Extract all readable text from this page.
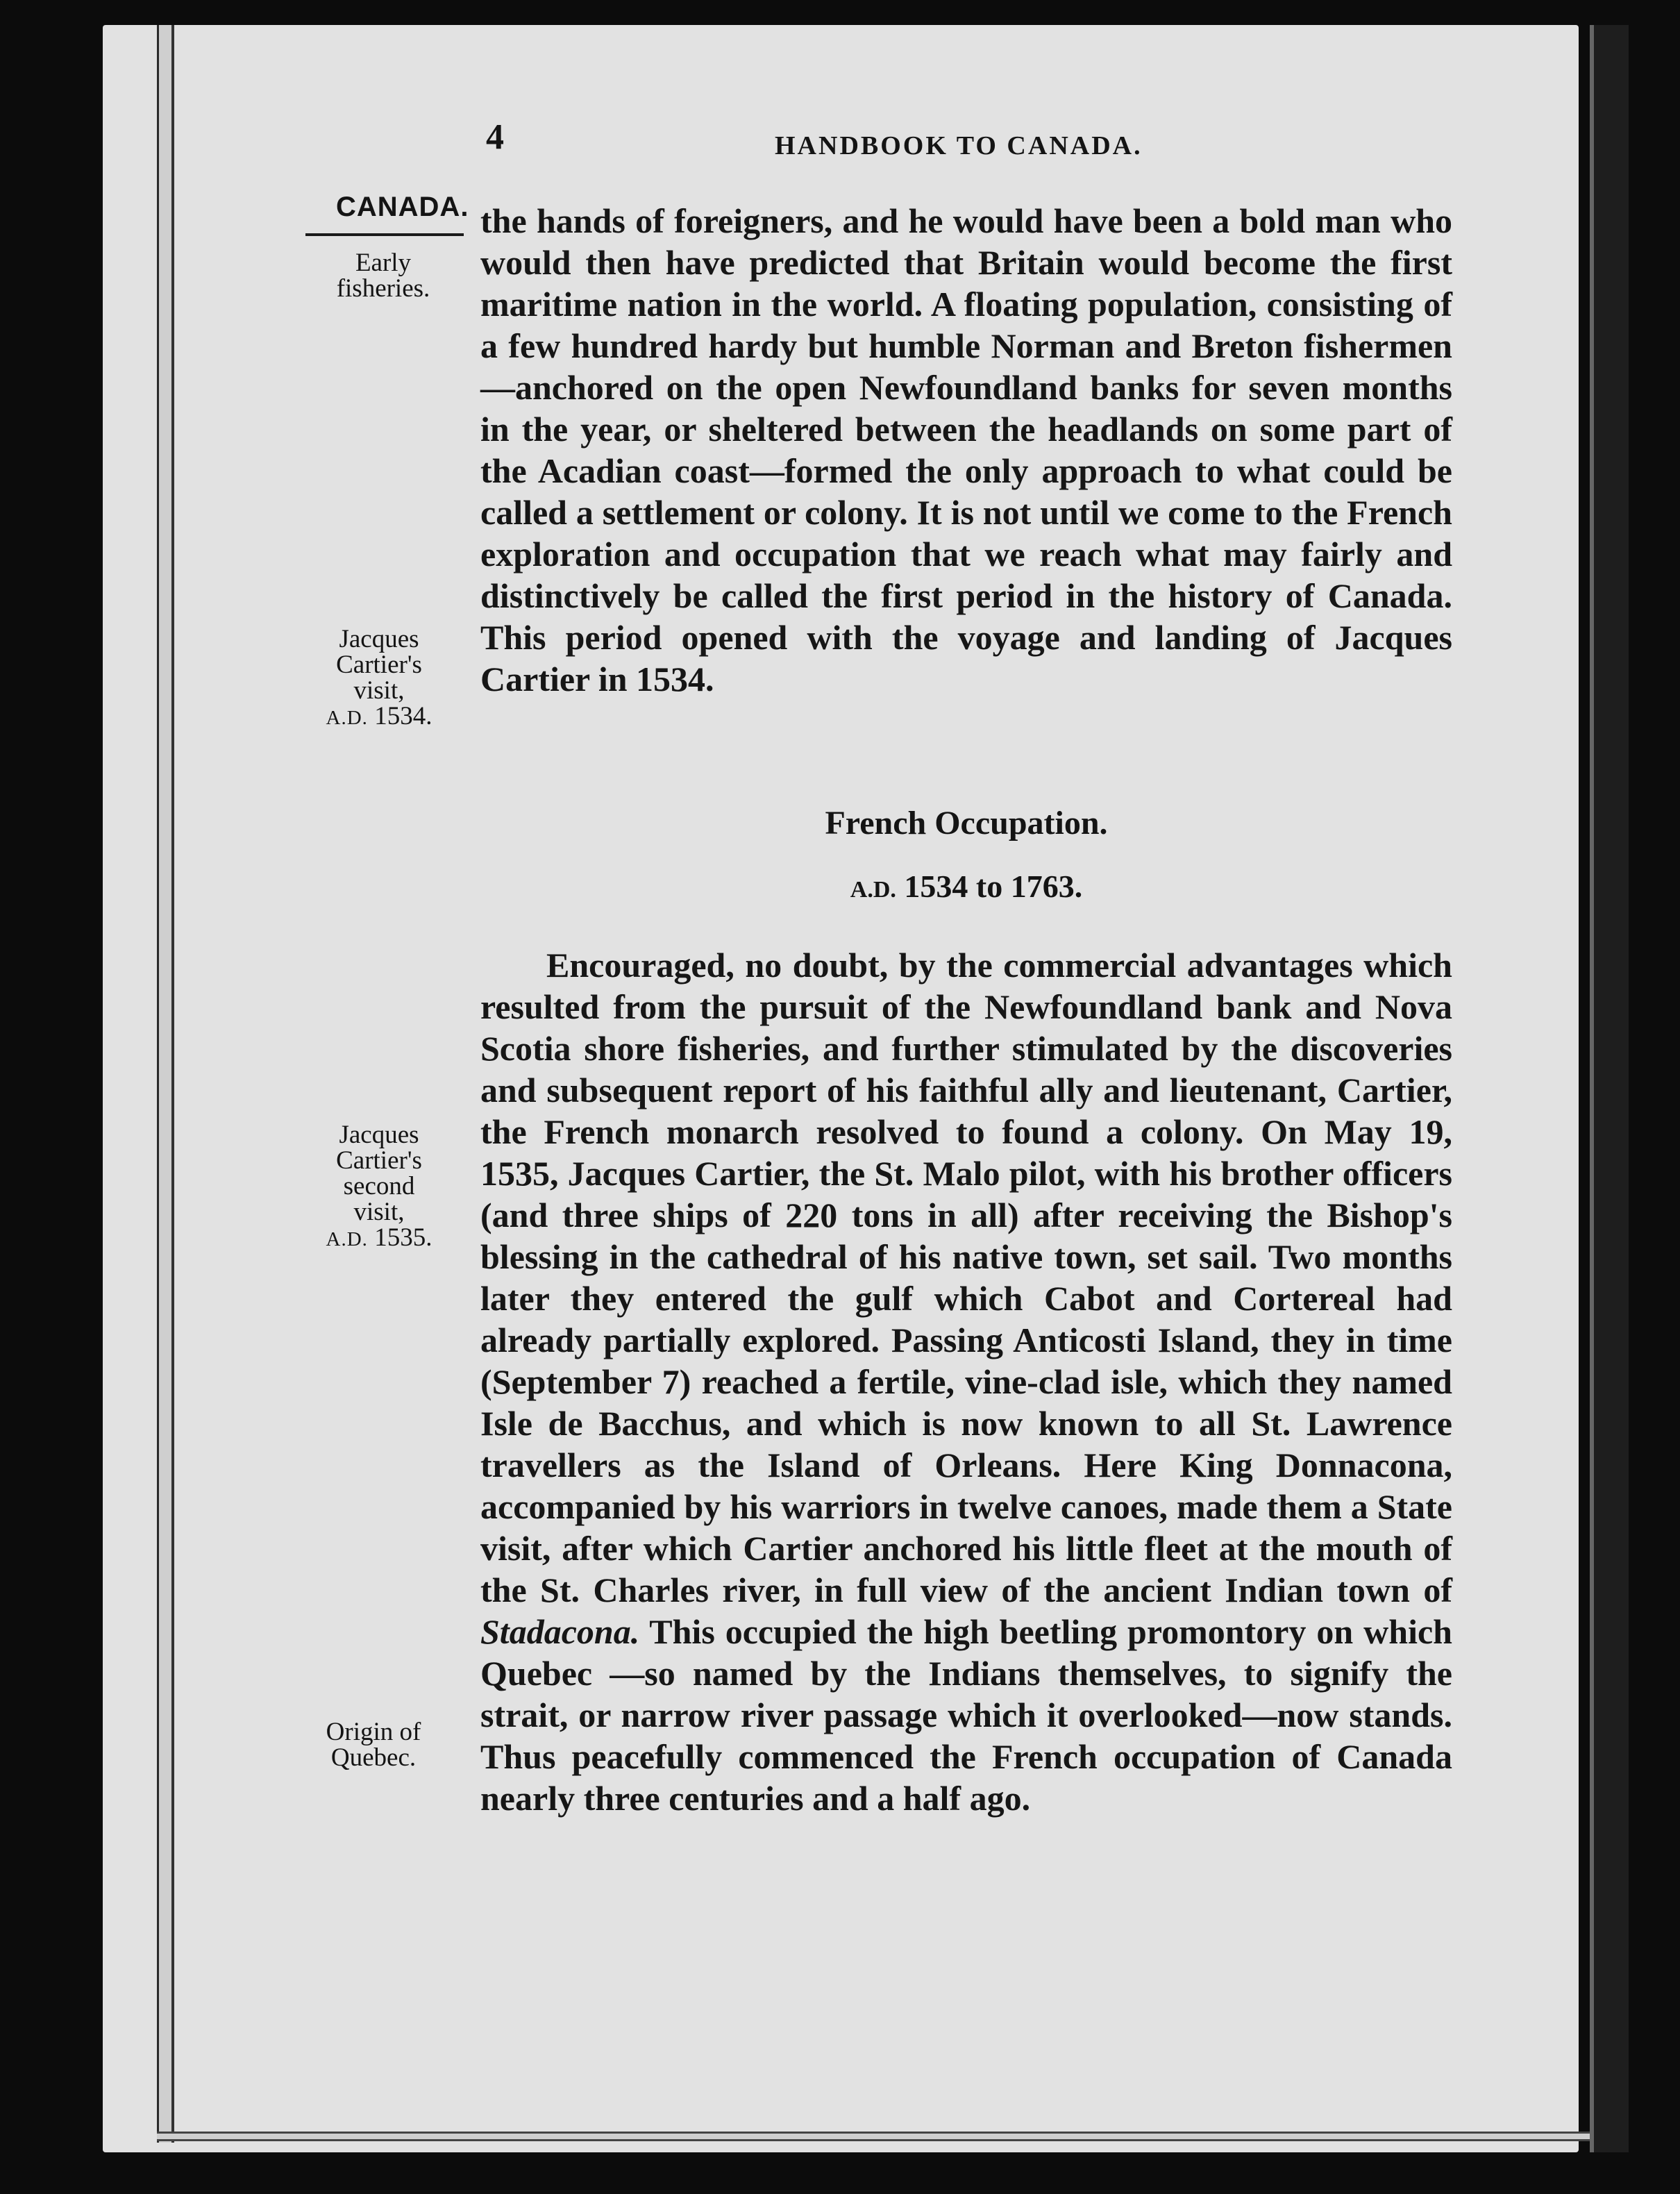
4	HANDBOOK TO CANADA.
CANADA.
Early
fisheries.
Jacques
Cartier's
visit,
A.D. 1534.
Jacques
Cartier's
second
visit,
A.D. 1535.
Origin of
Quebec.
the hands of foreigners, and he would have been a bold man who would then have predicted that Britain would become the first maritime nation in the world. A floating population, consisting of a few hundred hardy but humble Norman and Breton fishermen—anchored on the open Newfoundland banks for seven months in the year, or sheltered between the headlands on some part of the Acadian coast—formed the only approach to what could be called a settlement or colony. It is not until we come to the French exploration and occupation that we reach what may fairly and distinctively be called the first period in the history of Canada. This period opened with the voyage and landing of Jacques Cartier in 1534.
French Occupation.
A.D. 1534 to 1763.
Encouraged, no doubt, by the commercial advantages which resulted from the pursuit of the Newfoundland bank and Nova Scotia shore fisheries, and further stimulated by the discoveries and subsequent report of his faithful ally and lieutenant, Cartier, the French monarch resolved to found a colony. On May 19, 1535, Jacques Cartier, the St. Malo pilot, with his brother officers (and three ships of 220 tons in all) after receiving the Bishop's blessing in the cathedral of his native town, set sail. Two months later they entered the gulf which Cabot and Cortereal had already partially explored. Passing Anticosti Island, they in time (September 7) reached a fertile, vine-clad isle, which they named Isle de Bacchus, and which is now known to all St. Lawrence travellers as the Island of Orleans. Here King Donnacona, accompanied by his warriors in twelve canoes, made them a State visit, after which Cartier anchored his little fleet at the mouth of the St. Charles river, in full view of the ancient Indian town of Stadacona. This occupied the high beetling promontory on which Quebec —so named by the Indians themselves, to signify the strait, or narrow river passage which it overlooked—now stands. Thus peacefully commenced the French occupation of Canada nearly three centuries and a half ago.
